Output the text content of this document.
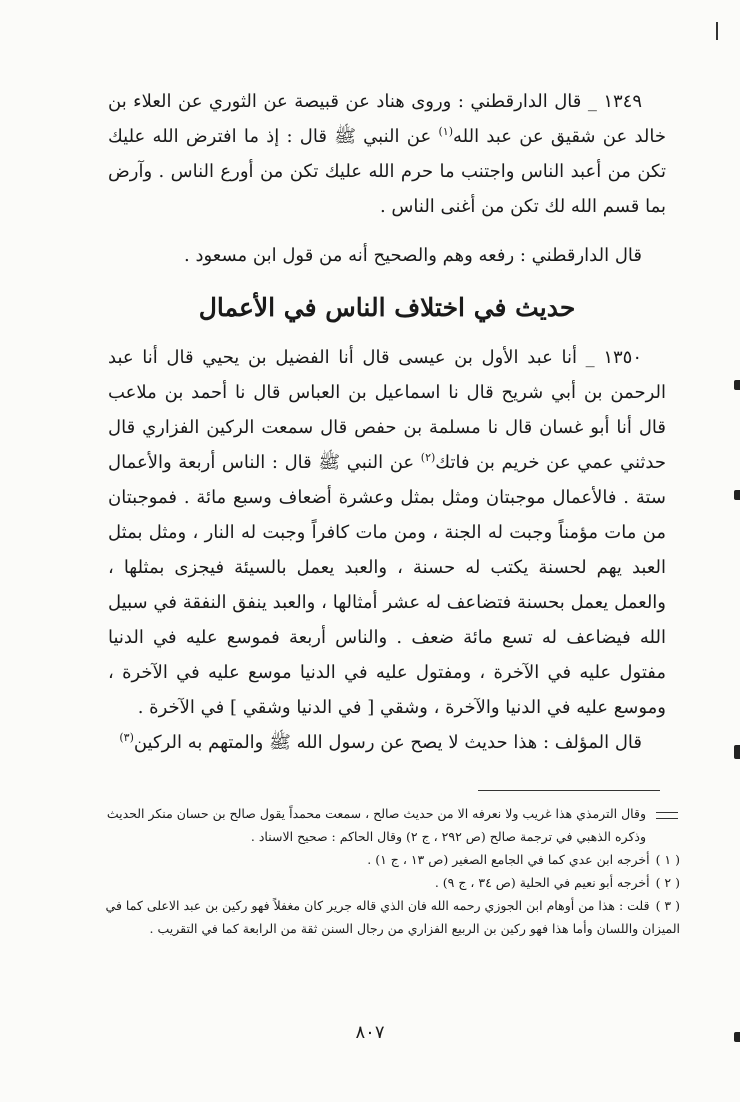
١٣٤٩ _ قال الدارقطني : وروى هناد عن قبيصة عن الثوري عن العلاء بن خالد عن شقيق عن عبد الله$^{(١)}$ عن النبي ﷺ قال : إذ ما افترض الله عليك تكن من أعبد الناس واجتنب ما حرم الله عليك تكن من أورع الناس . وآرض بما قسم الله لك تكن من أغنى الناس .

قال الدارقطني : رفعه وهم والصحيح أنه من قول ابن مسعود .

حديث في اختلاف الناس في الأعمال

١٣٥٠ _ أنا عبد الأول بن عيسى قال أنا الفضيل بن يحيي قال أنا عبد الرحمن بن أبي شريح قال نا اسماعيل بن العباس قال نا أحمد بن ملاعب قال أنا أبو غسان قال نا مسلمة بن حفص قال سمعت الركين الفزاري قال حدثني عمي عن خريم بن فاتك$^{(٢)}$ عن النبي ﷺ قال : الناس أربعة والأعمال ستة . فالأعمال موجبتان ومثل بمثل وعشرة أضعاف وسبع مائة . فموجبتان من مات مؤمناً وجبت له الجنة ، ومن مات كافراً وجبت له النار ، ومثل بمثل العبد يهم لحسنة يكتب له حسنة ، والعبد يعمل بالسيئة فيجزى بمثلها ، والعمل يعمل بحسنة فتضاعف له عشر أمثالها ، والعبد ينفق النفقة في سبيل الله فيضاعف له تسع مائة ضعف . والناس أربعة فموسع عليه في الدنيا مفتول عليه في الآخرة ، ومفتول عليه في الدنيا موسع عليه في الآخرة ، وموسع عليه في الدنيا والآخرة ، وشقي [ في الدنيا وشقي ] في الآخرة .

قال المؤلف : هذا حديث لا يصح عن رسول الله ﷺ والمتهم به الركين$^{(٣)}$

وقال الترمذي هذا غريب ولا نعرفه الا من حديث صالح ، سمعت محمداً يقول صالح بن حسان منكر الحديث وذكره الذهبي في ترجمة صالح (ص ٢٩٢ ، ج ٢) وقال الحاكم : صحيح الاسناد .
( ١ )أخرجه ابن عدي كما في الجامع الصغير (ص ١٣ ، ج ١) .
( ٢ )أخرجه أبو نعيم في الحلية (ص ٣٤ ، ج ٩) .
( ٣ )قلت : هذا من أوهام ابن الجوزي رحمه الله فان الذي قاله جرير كان مغفلاً فهو ركين بن عبد الاعلى كما في الميزان واللسان وأما هذا فهو ركين بن الربيع الفزاري من رجال السنن ثقة من الرابعة كما في التقريب .
٨٠٧
